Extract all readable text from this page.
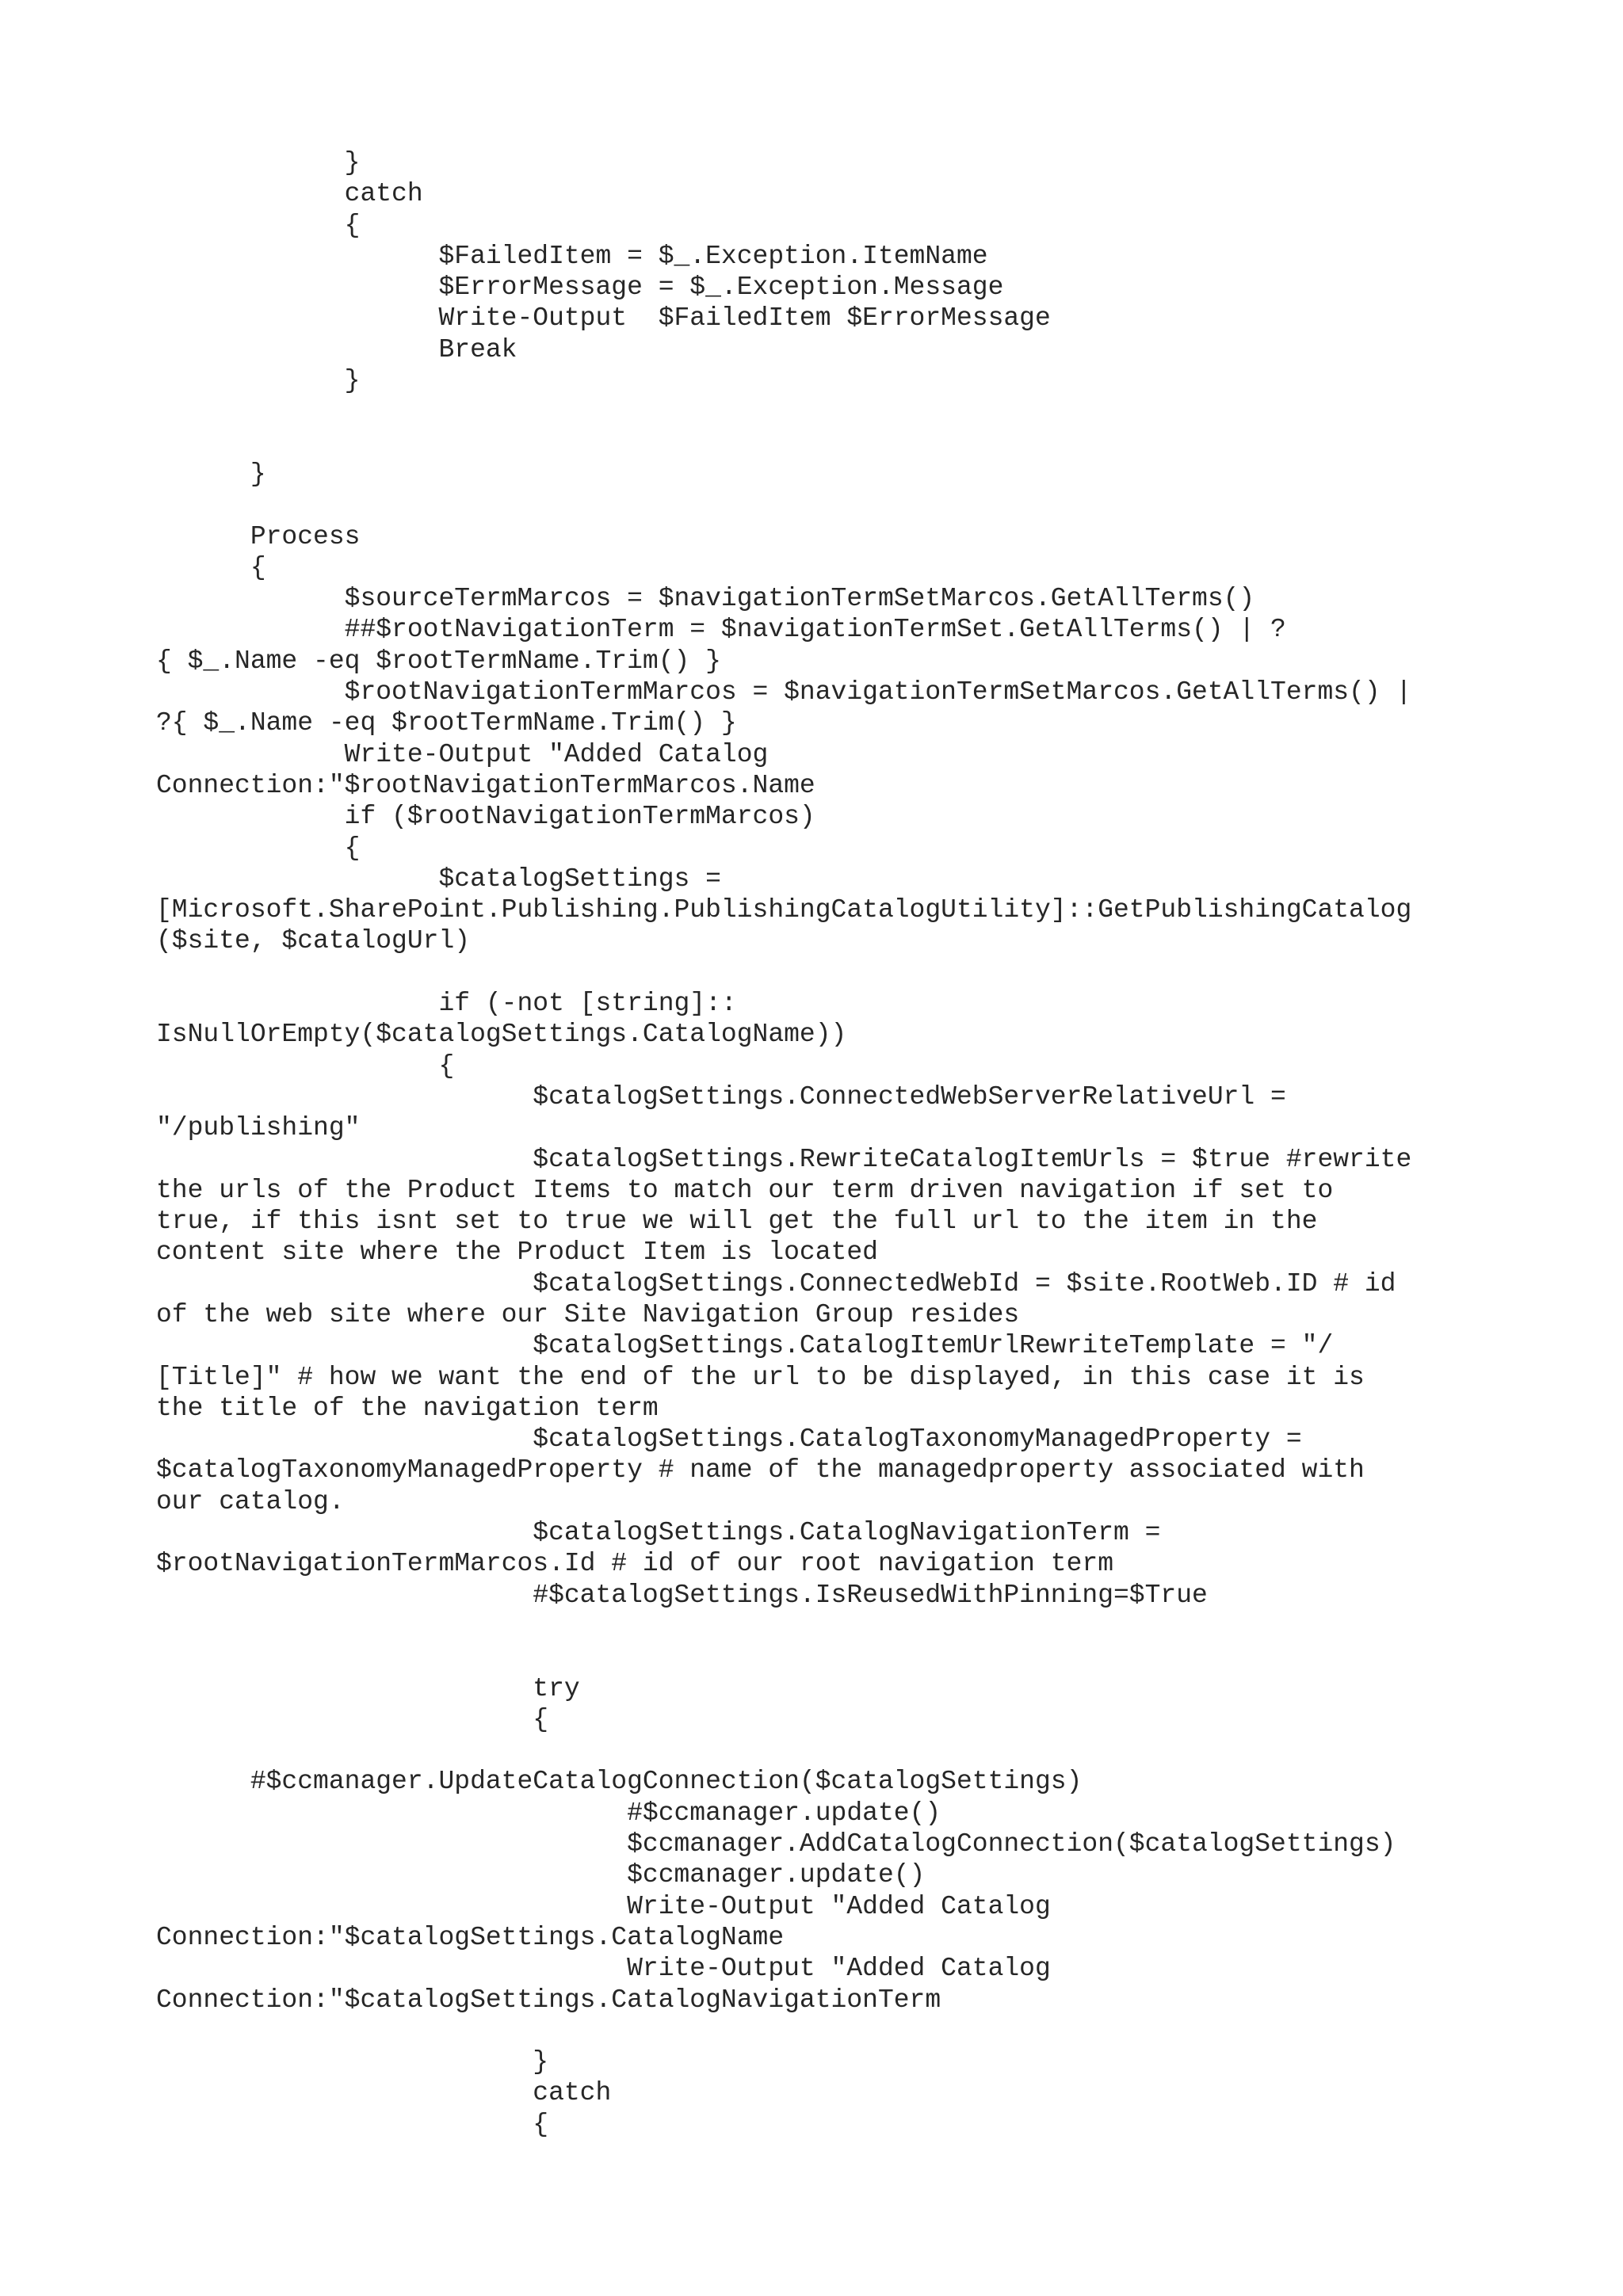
}
catch
{
$FailedItem = $_.Exception.ItemName
$ErrorMessage = $_.Exception.Message
Write-Output  $FailedItem $ErrorMessage
Break
}
}
Process
{
$sourceTermMarcos = $navigationTermSetMarcos.GetAllTerms()
##$rootNavigationTerm = $navigationTermSet.GetAllTerms() | ?
{ $_.Name -eq $rootTermName.Trim() }
$rootNavigationTermMarcos = $navigationTermSetMarcos.GetAllTerms() |
?{ $_.Name -eq $rootTermName.Trim() }
Write-Output "Added Catalog
Connection:"$rootNavigationTermMarcos.Name
if ($rootNavigationTermMarcos)
{
$catalogSettings =
[Microsoft.SharePoint.Publishing.PublishingCatalogUtility]::GetPublishingCatalog
($site, $catalogUrl)
if (-not [string]::
IsNullOrEmpty($catalogSettings.CatalogName))
{
$catalogSettings.ConnectedWebServerRelativeUrl =
"/publishing"
$catalogSettings.RewriteCatalogItemUrls = $true #rewrite
the urls of the Product Items to match our term driven navigation if set to
true, if this isnt set to true we will get the full url to the item in the
content site where the Product Item is located
$catalogSettings.ConnectedWebId = $site.RootWeb.ID # id
of the web site where our Site Navigation Group resides
$catalogSettings.CatalogItemUrlRewriteTemplate = "/
[Title]" # how we want the end of the url to be displayed, in this case it is
the title of the navigation term
$catalogSettings.CatalogTaxonomyManagedProperty =
$catalogTaxonomyManagedProperty # name of the managedproperty associated with
our catalog.
$catalogSettings.CatalogNavigationTerm =
$rootNavigationTermMarcos.Id # id of our root navigation term
#$catalogSettings.IsReusedWithPinning=$True
try
{
#$ccmanager.UpdateCatalogConnection($catalogSettings)
#$ccmanager.update()
$ccmanager.AddCatalogConnection($catalogSettings)
$ccmanager.update()
Write-Output "Added Catalog
Connection:"$catalogSettings.CatalogName
Write-Output "Added Catalog
Connection:"$catalogSettings.CatalogNavigationTerm
}
catch
{
